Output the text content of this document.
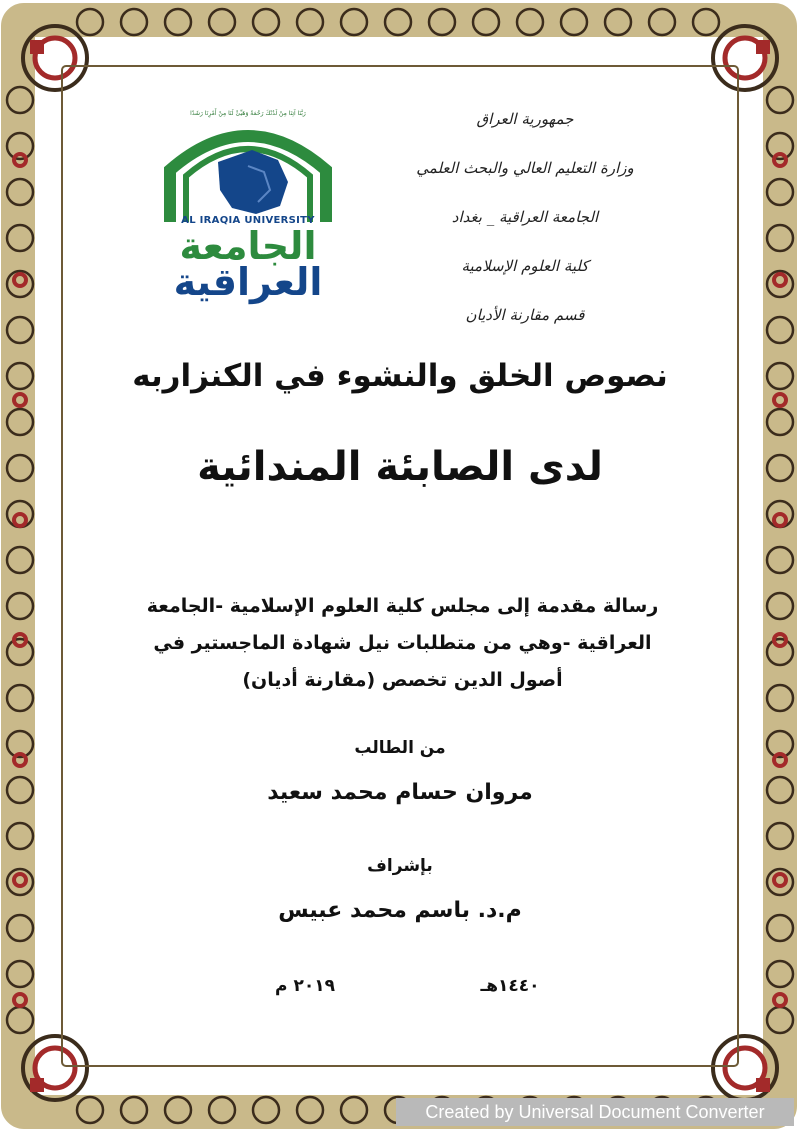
جمهورية العراق
وزارة التعليم العالي والبحث العلمي
الجامعة العراقية _ بغداد
كلية العلوم الإسلامية
قسم مقارنة الأديان
رَبَّنَا آتِنَا مِنْ لَدُنْكَ رَحْمَةً وَهَيِّئْ لَنَا مِنْ أَمْرِنَا رَشَدًا
AL IRAQIA UNIVERSITY
الجامعة
العراقية
نصوص الخلق والنشوء في الكنزاربه
لدى الصابئة المندائية
رسالة مقدمة إلى مجلس كلية العلوم الإسلامية -الجامعة
العراقية -وهي من متطلبات نيل شهادة الماجستير في
أصول الدين تخصص (مقارنة أديان)
من الطالب
مروان حسام محمد سعيد
بإشراف
م.د. باسم محمد عبيس
١٤٤٠هـ
٢٠١٩ م
Created by Universal Document Converter
